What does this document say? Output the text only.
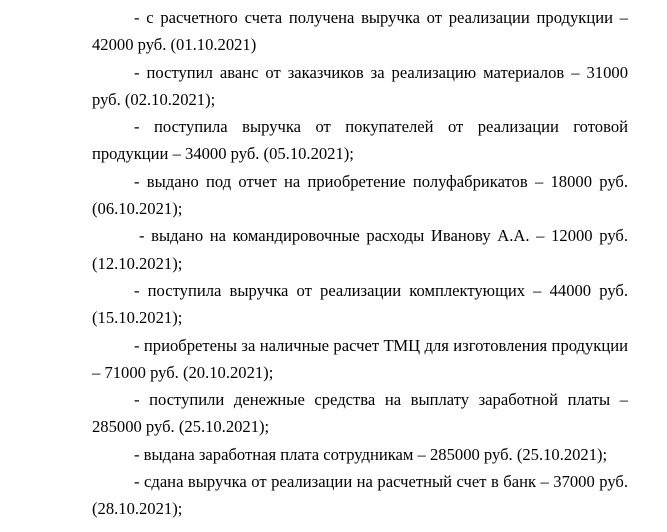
- с расчетного счета получена выручка от реализации продукции – 42000 руб. (01.10.2021)

- поступил аванс от заказчиков за реализацию материалов – 31000 руб. (02.10.2021);

- поступила выручка от покупателей от реализации готовой продукции – 34000 руб. (05.10.2021);

- выдано под отчет на приобретение полуфабрикатов – 18000 руб. (06.10.2021);

- выдано на командировочные расходы Иванову А.А. – 12000 руб. (12.10.2021);

- поступила выручка от реализации комплектующих – 44000 руб. (15.10.2021);

- приобретены за наличные расчет ТМЦ для изготовления продукции – 71000 руб. (20.10.2021);

- поступили денежные средства на выплату заработной платы – 285000 руб. (25.10.2021);

- выдана заработная плата сотрудникам – 285000 руб. (25.10.2021);

- сдана выручка от реализации на расчетный счет в банк – 37000 руб. (28.10.2021);
